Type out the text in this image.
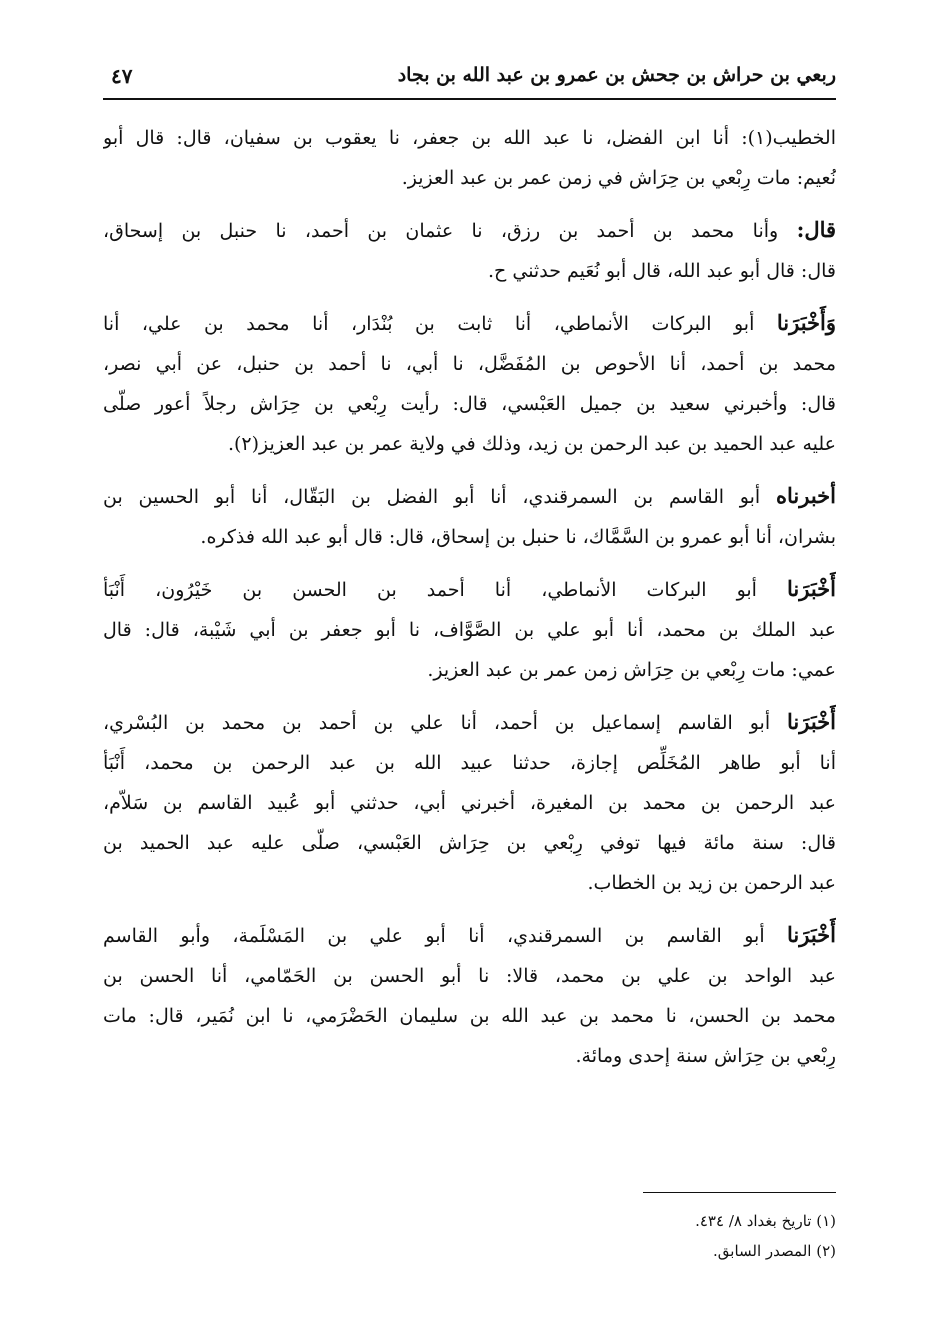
ربعي بن حراش بن جحش بن عمرو بن عبد الله بن بجاد
٤٧
الخطيب(١): أنا ابن الفضل، نا عبد الله بن جعفر، نا يعقوب بن سفيان، قال: قال أبو
نُعيم: مات رِبْعي بن حِرَاش في زمن عمر بن عبد العزيز.
قال: وأنا محمد بن أحمد بن رزق، نا عثمان بن أحمد، نا حنبل بن إسحاق،
قال: قال أبو عبد الله، قال أبو نُعَيم حدثني ح.
وَأَخْبَرَنا أبو البركات الأنماطي، أنا ثابت بن بُنْدَار، أنا محمد بن علي، أنا
محمد بن أحمد، أنا الأحوص بن المُفَضَّل، نا أبي، نا أحمد بن حنبل، عن أبي نصر،
قال: وأخبرني سعيد بن جميل العَبْسي، قال: رأيت رِبْعي بن حِرَاش رجلاً أعور صلّى
عليه عبد الحميد بن عبد الرحمن بن زيد، وذلك في ولاية عمر بن عبد العزيز(٢).
أخبرناه أبو القاسم بن السمرقندي، أنا أبو الفضل بن البَقّال، أنا أبو الحسين بن
بشران، أنا أبو عمرو بن السَّمَّاك، نا حنبل بن إسحاق، قال: قال أبو عبد الله فذكره.
أَخْبَرَنا أبو البركات الأنماطي، أنا أحمد بن الحسن بن خَيْرُون، أَنْبَأ
عبد الملك بن محمد، أنا أبو علي بن الصَّوَّاف، نا أبو جعفر بن أبي شَيْبة، قال: قال
عمي: مات رِبْعي بن حِرَاش زمن عمر بن عبد العزيز.
أَخْبَرَنا أبو القاسم إسماعيل بن أحمد، أنا علي بن أحمد بن محمد بن البُسْري،
أنا أبو طاهر المُخَلِّص إجازة، حدثنا عبيد الله بن عبد الرحمن بن محمد، أَنْبَأ
عبد الرحمن بن محمد بن المغيرة، أخبرني أبي، حدثني أبو عُبيد القاسم بن سَلاّم،
قال: سنة مائة فيها توفي رِبْعي بن حِرَاش العَبْسي، صلّى عليه عبد الحميد بن
عبد الرحمن بن زيد بن الخطاب.
أَخْبَرَنا أبو القاسم بن السمرقندي، أنا أبو علي بن المَسْلَمة، وأبو القاسم
عبد الواحد بن علي بن محمد، قالا: نا أبو الحسن بن الحَمّامي، أنا الحسن بن
محمد بن الحسن، نا محمد بن عبد الله بن سليمان الحَضْرَمي، نا ابن نُمَير، قال: مات
رِبْعي بن حِرَاش سنة إحدى ومائة.
(١) تاريخ بغداد ٨/ ٤٣٤.
(٢) المصدر السابق.
